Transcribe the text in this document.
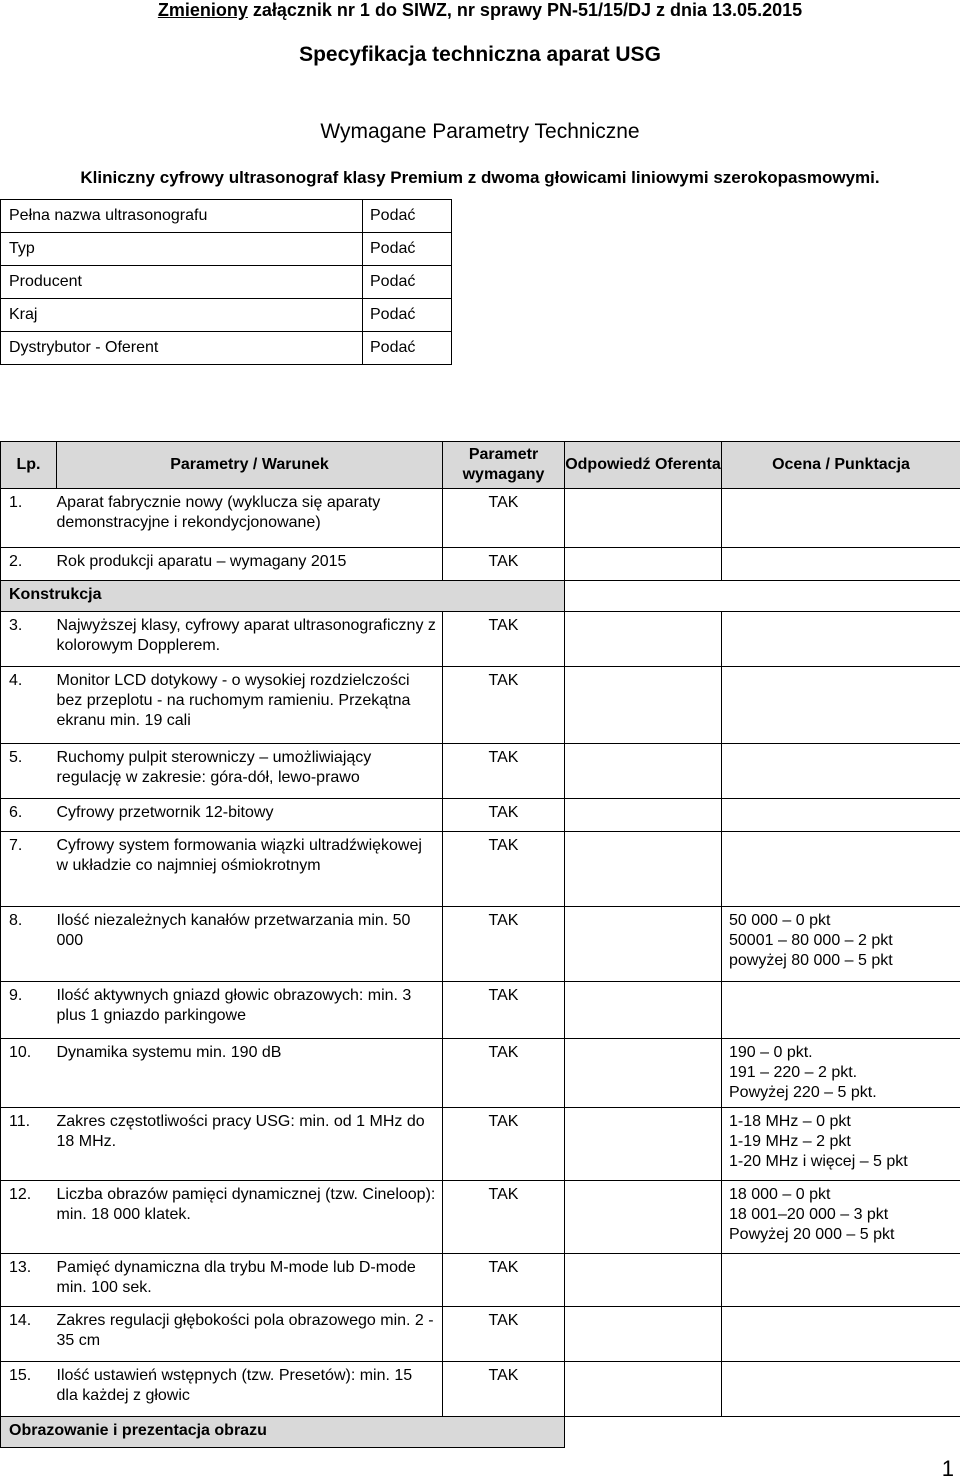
Zmieniony załącznik nr 1 do SIWZ, nr sprawy PN-51/15/DJ z dnia 13.05.2015
Specyfikacja techniczna aparat USG
Wymagane Parametry Techniczne
Kliniczny cyfrowy ultrasonograf klasy Premium z dwoma głowicami liniowymi szerokopasmowymi.
Pełna nazwa ultrasonografu	Podać
Typ	Podać
Producent	Podać
Kraj	Podać
Dystrybutor - Oferent	Podać
Lp.	Parametry / Warunek	Parametr wymagany	Odpowiedź Oferenta	Ocena / Punktacja
1.	Aparat fabrycznie nowy (wyklucza się aparaty demonstracyjne i rekondycjonowane)	TAK		
2.	Rok produkcji aparatu – wymagany 2015	TAK		
Konstrukcja				
3.	Najwyższej klasy, cyfrowy aparat ultrasonograficzny z kolorowym Dopplerem.	TAK		
4.	Monitor LCD dotykowy - o wysokiej rozdzielczości bez przeplotu - na ruchomym ramieniu. Przekątna ekranu min. 19 cali	TAK		
5.	Ruchomy pulpit sterowniczy – umożliwiający regulację w zakresie: góra-dół, lewo-prawo	TAK		
6.	Cyfrowy przetwornik 12-bitowy	TAK		
7.	Cyfrowy system formowania wiązki ultradźwiękowej w układzie co najmniej ośmiokrotnym	TAK		
8.	Ilość niezależnych kanałów przetwarzania min. 50 000	TAK		50 000 – 0 pkt
50001 – 80 000 – 2 pkt
powyżej 80 000 – 5 pkt
9.	Ilość aktywnych gniazd głowic obrazowych: min. 3 plus 1 gniazdo parkingowe	TAK		
10.	Dynamika systemu min. 190 dB	TAK		190 – 0 pkt.
191 – 220 – 2 pkt.
Powyżej 220 – 5 pkt.
11.	Zakres częstotliwości pracy USG: min. od 1 MHz do 18 MHz.	TAK		1-18 MHz – 0 pkt
1-19 MHz – 2 pkt
1-20 MHz i więcej – 5 pkt
12.	Liczba obrazów pamięci dynamicznej (tzw. Cineloop): min. 18 000 klatek.	TAK		18 000 – 0 pkt
18 001–20 000 – 3 pkt
Powyżej 20 000 – 5 pkt
13.	Pamięć dynamiczna dla trybu M-mode lub D-mode min. 100 sek.	TAK		
14.	Zakres regulacji głębokości pola obrazowego min. 2 - 35 cm	TAK		
15.	Ilość ustawień wstępnych (tzw. Presetów): min. 15 dla każdej z głowic	TAK		
Obrazowanie i prezentacja obrazu				
1
